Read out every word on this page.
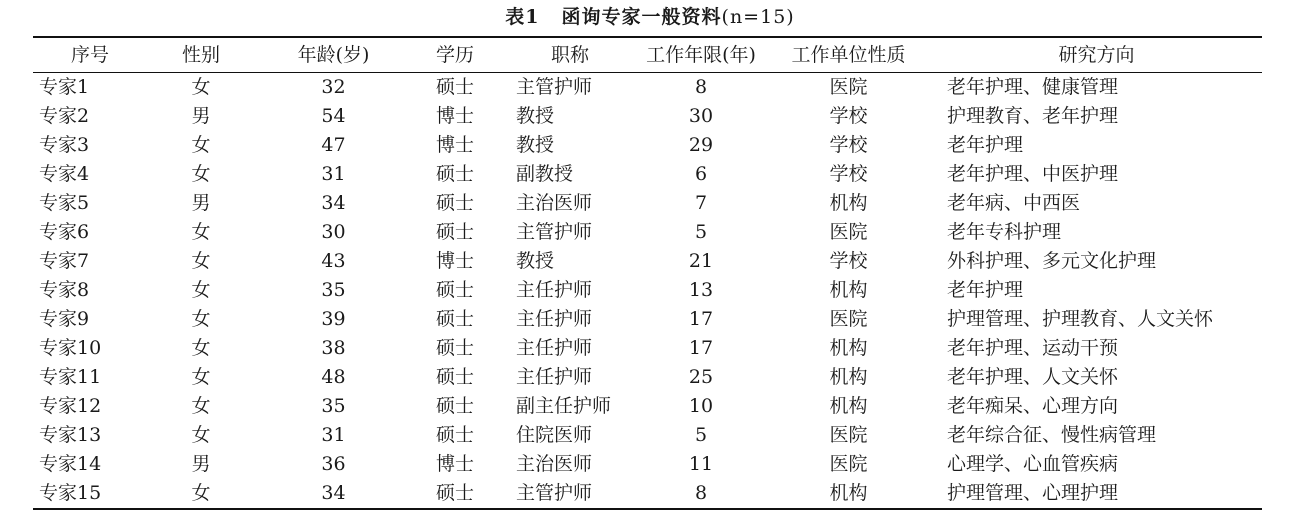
表1 函询专家一般资料(n=15)
序号	性别	年龄(岁)	学历	职称	工作年限(年)	工作单位性质	研究方向
专家1	女	32	硕士	主管护师	8	医院	老年护理、健康管理
专家2	男	54	博士	教授	30	学校	护理教育、老年护理
专家3	女	47	博士	教授	29	学校	老年护理
专家4	女	31	硕士	副教授	6	学校	老年护理、中医护理
专家5	男	34	硕士	主治医师	7	机构	老年病、中西医
专家6	女	30	硕士	主管护师	5	医院	老年专科护理
专家7	女	43	博士	教授	21	学校	外科护理、多元文化护理
专家8	女	35	硕士	主任护师	13	机构	老年护理
专家9	女	39	硕士	主任护师	17	医院	护理管理、护理教育、人文关怀
专家10	女	38	硕士	主任护师	17	机构	老年护理、运动干预
专家11	女	48	硕士	主任护师	25	机构	老年护理、人文关怀
专家12	女	35	硕士	副主任护师	10	机构	老年痴呆、心理方向
专家13	女	31	硕士	住院医师	5	医院	老年综合征、慢性病管理
专家14	男	36	博士	主治医师	11	医院	心理学、心血管疾病
专家15	女	34	硕士	主管护师	8	机构	护理管理、心理护理
